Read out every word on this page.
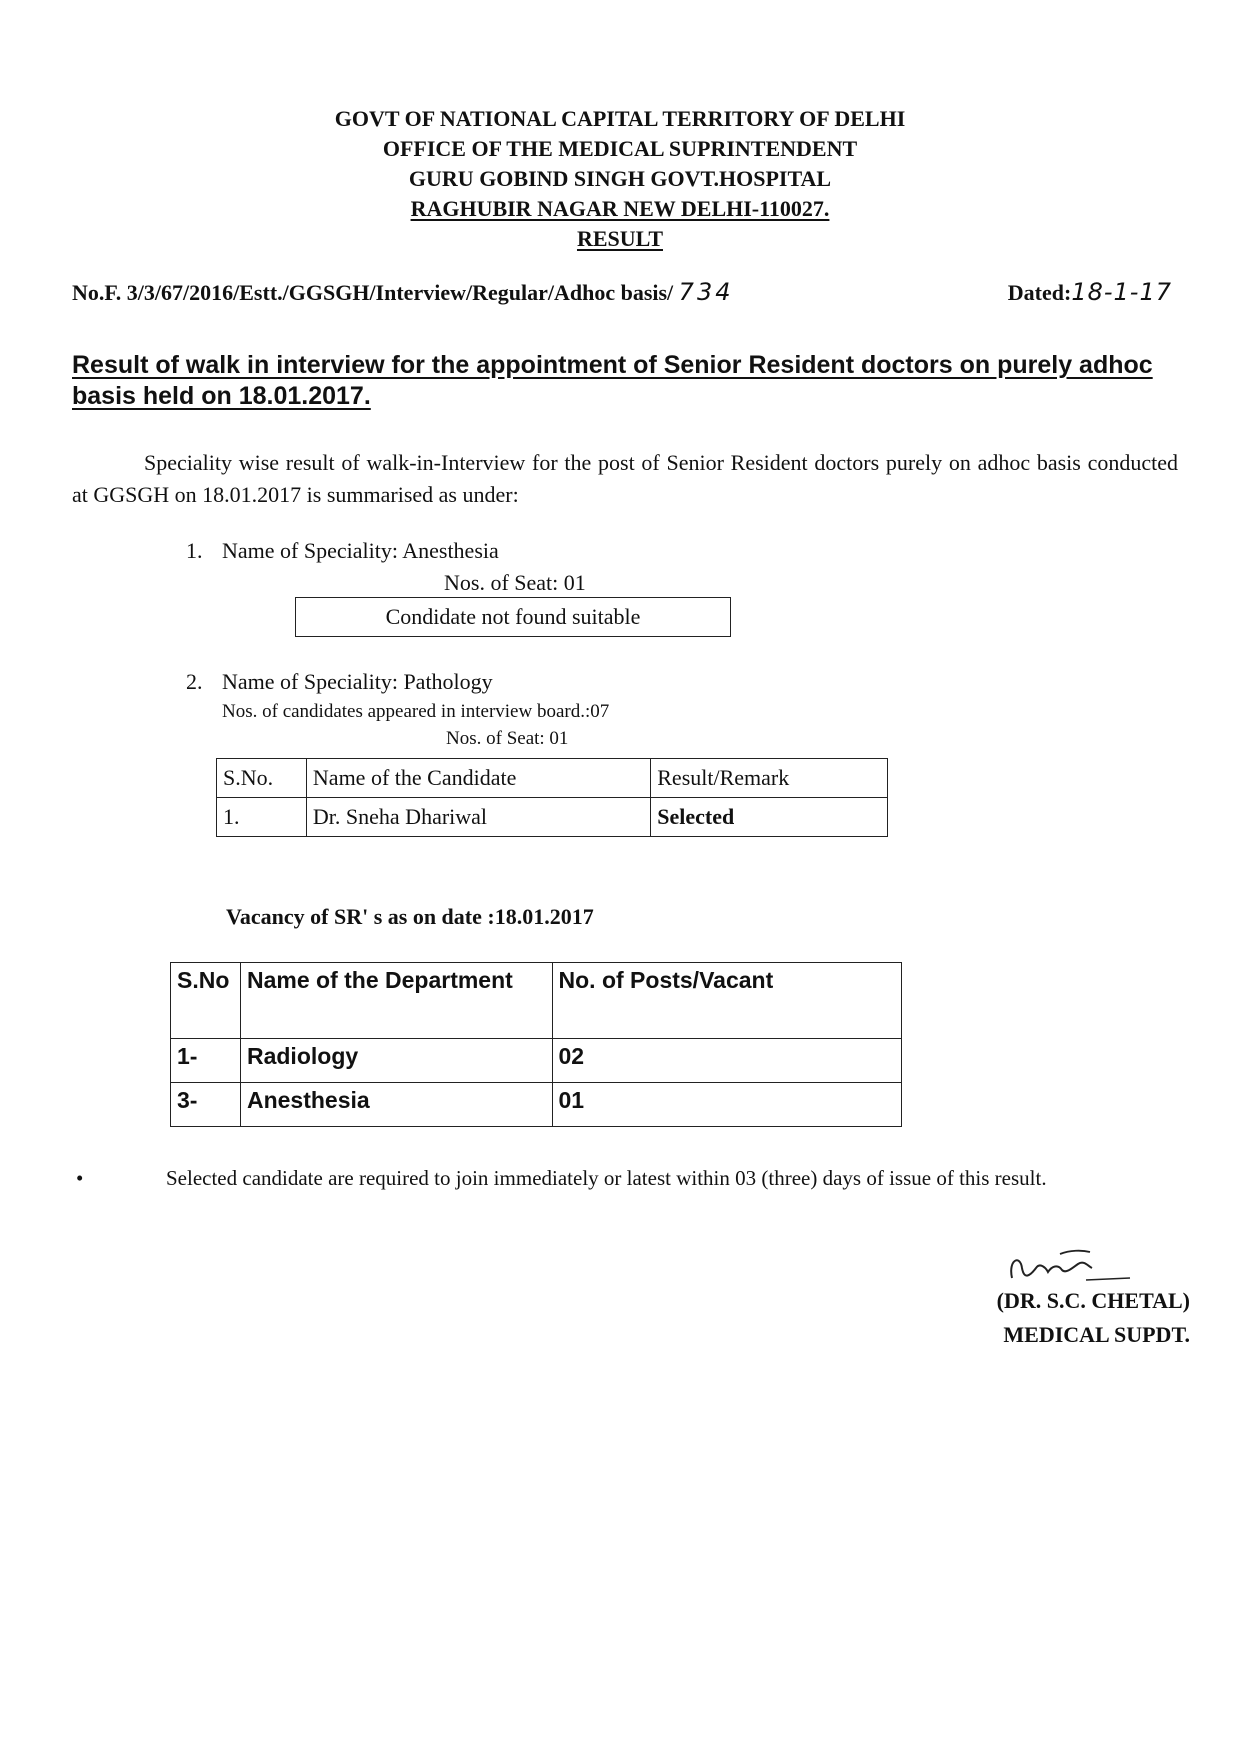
GOVT OF NATIONAL CAPITAL TERRITORY OF DELHI
OFFICE OF THE MEDICAL SUPRINTENDENT
GURU GOBIND SINGH GOVT.HOSPITAL
RAGHUBIR NAGAR NEW DELHI-110027.
RESULT
No.F. 3/3/67/2016/Estt./GGSGH/Interview/Regular/Adhoc basis/ 734	Dated:18-1-17
Result of walk in interview for the appointment of Senior Resident doctors on purely adhoc basis held on 18.01.2017.
Speciality wise result of walk-in-Interview for the post of Senior Resident doctors purely on adhoc basis conducted at GGSGH on 18.01.2017 is summarised as under:
1. Name of Speciality: Anesthesia
Nos. of Seat: 01
Condidate not found suitable
2. Name of Speciality: Pathology
Nos. of candidates appeared in interview board.:07
Nos. of Seat: 01
S.No.	Name of the Candidate	Result/Remark
1.	Dr. Sneha Dhariwal	Selected
Vacancy of SR' s as on date :18.01.2017
S.No	Name of the Department	No. of Posts/Vacant
1-	Radiology	02
3-	Anesthesia	01
•	Selected candidate are required to join immediately or latest within 03 (three) days of issue of this result.
(DR. S.C. CHETAL)
MEDICAL SUPDT.
